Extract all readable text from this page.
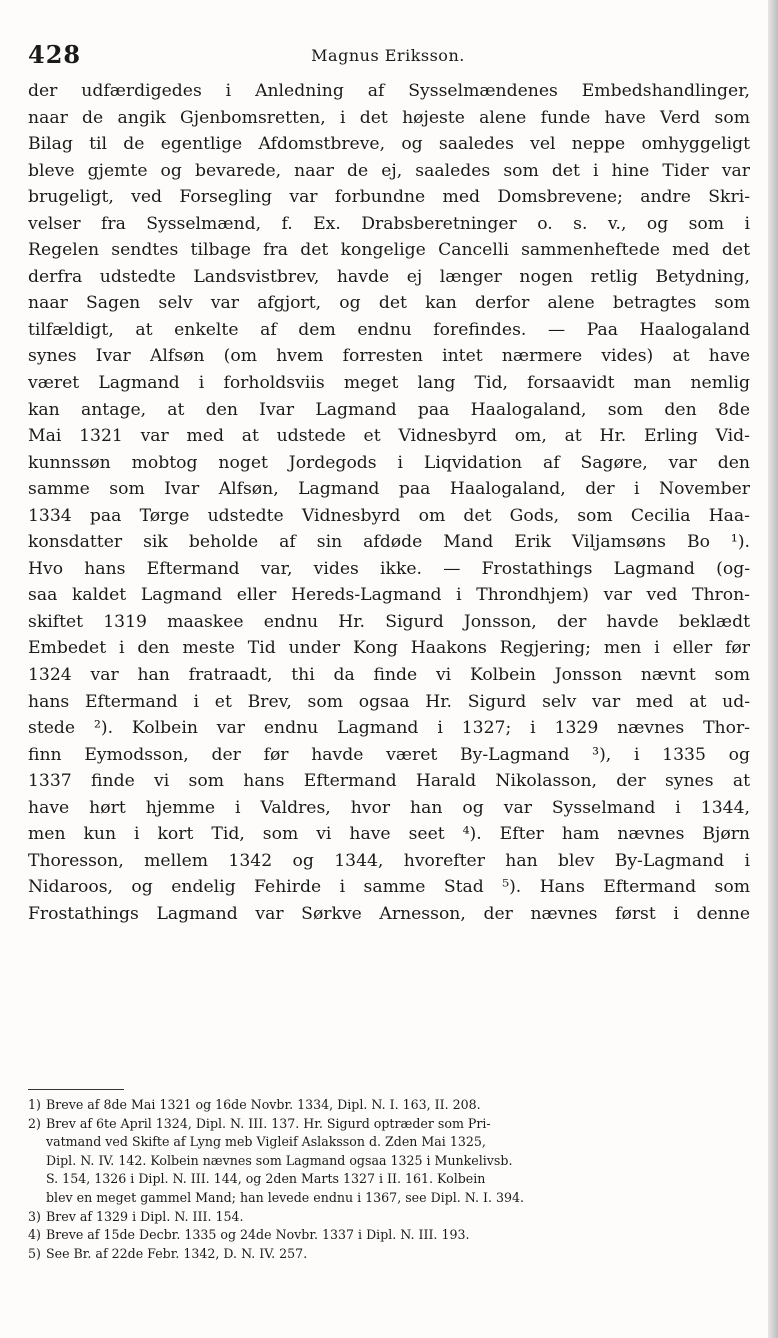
428	Magnus Eriksson.
der udfærdigedes i Anledning af Sysselmændenes Embedshandlinger,
naar de angik Gjenbomsretten, i det højeste alene funde have Verd som
Bilag til de egentlige Afdomstbreve, og saaledes vel neppe omhyggeligt
bleve gjemte og bevarede, naar de ej, saaledes som det i hine Tider var
brugeligt, ved Forsegling var forbundne med Domsbrevene; andre Skri-
velser fra Sysselmænd, f. Ex. Drabsberetninger o. s. v., og som i
Regelen sendtes tilbage fra det kongelige Cancelli sammenheftede med det
derfra udstedte Landsvistbrev, havde ej længer nogen retlig Betydning,
naar Sagen selv var afgjort, og det kan derfor alene betragtes som
tilfældigt, at enkelte af dem endnu forefindes. — Paa Haalogaland
synes Ivar Alfsøn (om hvem forresten intet nærmere vides) at have
været Lagmand i forholdsviis meget lang Tid, forsaavidt man nemlig
kan antage, at den Ivar Lagmand paa Haalogaland, som den 8de
Mai 1321 var med at udstede et Vidnesbyrd om, at Hr. Erling Vid-
kunnssøn mobtog noget Jordegods i Liqvidation af Sagøre, var den
samme som Ivar Alfsøn, Lagmand paa Haalogaland, der i November
1334 paa Tørge udstedte Vidnesbyrd om det Gods, som Cecilia Haa-
konsdatter sik beholde af sin afdøde Mand Erik Viljamsøns Bo ¹).
Hvo hans Eftermand var, vides ikke. — Frostathings Lagmand (og-
saa kaldet Lagmand eller Hereds-Lagmand i Throndhjem) var ved Thron-
skiftet 1319 maaskee endnu Hr. Sigurd Jonsson, der havde beklædt
Embedet i den meste Tid under Kong Haakons Regjering; men i eller før
1324 var han fratraadt, thi da finde vi Kolbein Jonsson nævnt som
hans Eftermand i et Brev, som ogsaa Hr. Sigurd selv var med at ud-
stede ²). Kolbein var endnu Lagmand i 1327; i 1329 nævnes Thor-
finn Eymodsson, der før havde været By-Lagmand ³), i 1335 og
1337 finde vi som hans Eftermand Harald Nikolasson, der synes at
have hørt hjemme i Valdres, hvor han og var Sysselmand i 1344,
men kun i kort Tid, som vi have seet ⁴). Efter ham nævnes Bjørn
Thoresson, mellem 1342 og 1344, hvorefter han blev By-Lagmand i
Nidaroos, og endelig Fehirde i samme Stad ⁵). Hans Eftermand som
Frostathings Lagmand var Sørkve Arnesson, der nævnes først i denne
1) Breve af 8de Mai 1321 og 16de Novbr. 1334, Dipl. N. I. 163, II. 208.
2) Brev af 6te April 1324, Dipl. N. III. 137. Hr. Sigurd optræder som Pri-
vatmand ved Skifte af Lyng meb Vigleif Aslaksson d. Zden Mai 1325,
Dipl. N. IV. 142. Kolbein nævnes som Lagmand ogsaa 1325 i Munkelivsb.
S. 154, 1326 i Dipl. N. III. 144, og 2den Marts 1327 i II. 161. Kolbein
blev en meget gammel Mand; han levede endnu i 1367, see Dipl. N. I. 394.
3) Brev af 1329 i Dipl. N. III. 154.
4) Breve af 15de Decbr. 1335 og 24de Novbr. 1337 i Dipl. N. III. 193.
5) See Br. af 22de Febr. 1342, D. N. IV. 257.
